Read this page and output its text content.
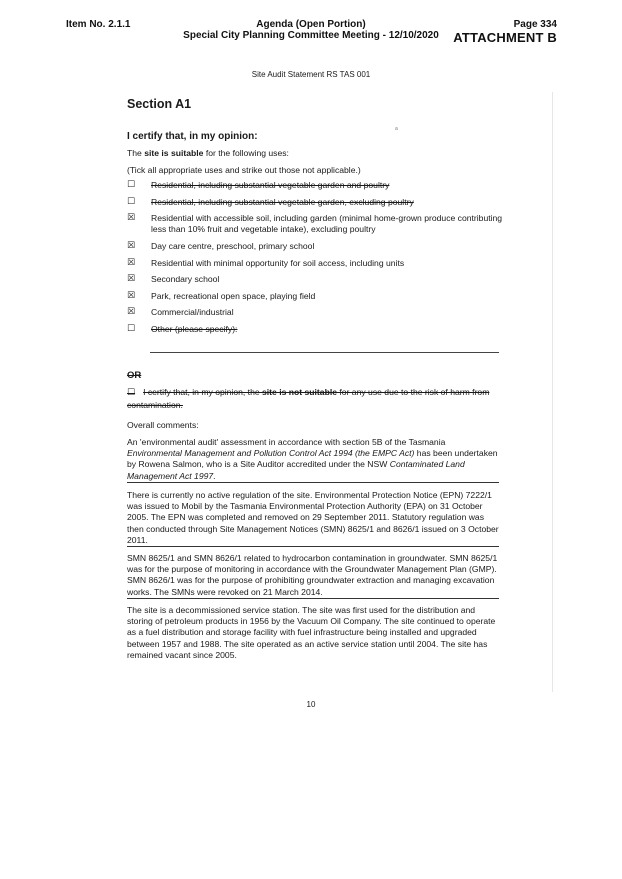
Item No. 2.1.1	Agenda (Open Portion)
Special City Planning Committee Meeting - 12/10/2020
Page 334
ATTACHMENT B
Site Audit Statement RS TAS 001
Section A1
I certify that, in my opinion:
a
The site is suitable for the following uses:
(Tick all appropriate uses and strike out those not applicable.)
☐ Residential, including substantial vegetable garden and poultry
☐ Residential, including substantial vegetable garden, excluding poultry
☒ Residential with accessible soil, including garden (minimal home-grown produce contributing less than 10% fruit and vegetable intake), excluding poultry
☒ Day care centre, preschool, primary school
☒ Residential with minimal opportunity for soil access, including units
☒ Secondary school
☒ Park, recreational open space, playing field
☒ Commercial/industrial
☐ Other (please specify):
OR
☐ I certify that, in my opinion, the site is not suitable for any use due to the risk of harm from contamination.
Overall comments:
An 'environmental audit' assessment in accordance with section 5B of the Tasmania Environmental Management and Pollution Control Act 1994 (the EMPC Act) has been undertaken by Rowena Salmon, who is a Site Auditor accredited under the NSW Contaminated Land Management Act 1997.
There is currently no active regulation of the site. Environmental Protection Notice (EPN) 7222/1 was issued to Mobil by the Tasmania Environmental Protection Authority (EPA) on 31 October 2005. The EPN was completed and removed on 29 September 2011. Statutory regulation was then conducted through Site Management Notices (SMN) 8625/1 and 8626/1 issued on 3 October 2011.
SMN 8625/1 and SMN 8626/1 related to hydrocarbon contamination in groundwater. SMN 8625/1 was for the purpose of monitoring in accordance with the Groundwater Management Plan (GMP). SMN 8626/1 was for the purpose of prohibiting groundwater extraction and managing excavation works. The SMNs were revoked on 21 March 2014.
The site is a decommissioned service station. The site was first used for the distribution and storing of petroleum products in 1956 by the Vacuum Oil Company. The site continued to operate as a fuel distribution and storage facility with fuel infrastructure being installed and upgraded between 1957 and 1988. The site operated as an active service station until 2004. The site has remained vacant since 2005.
10
